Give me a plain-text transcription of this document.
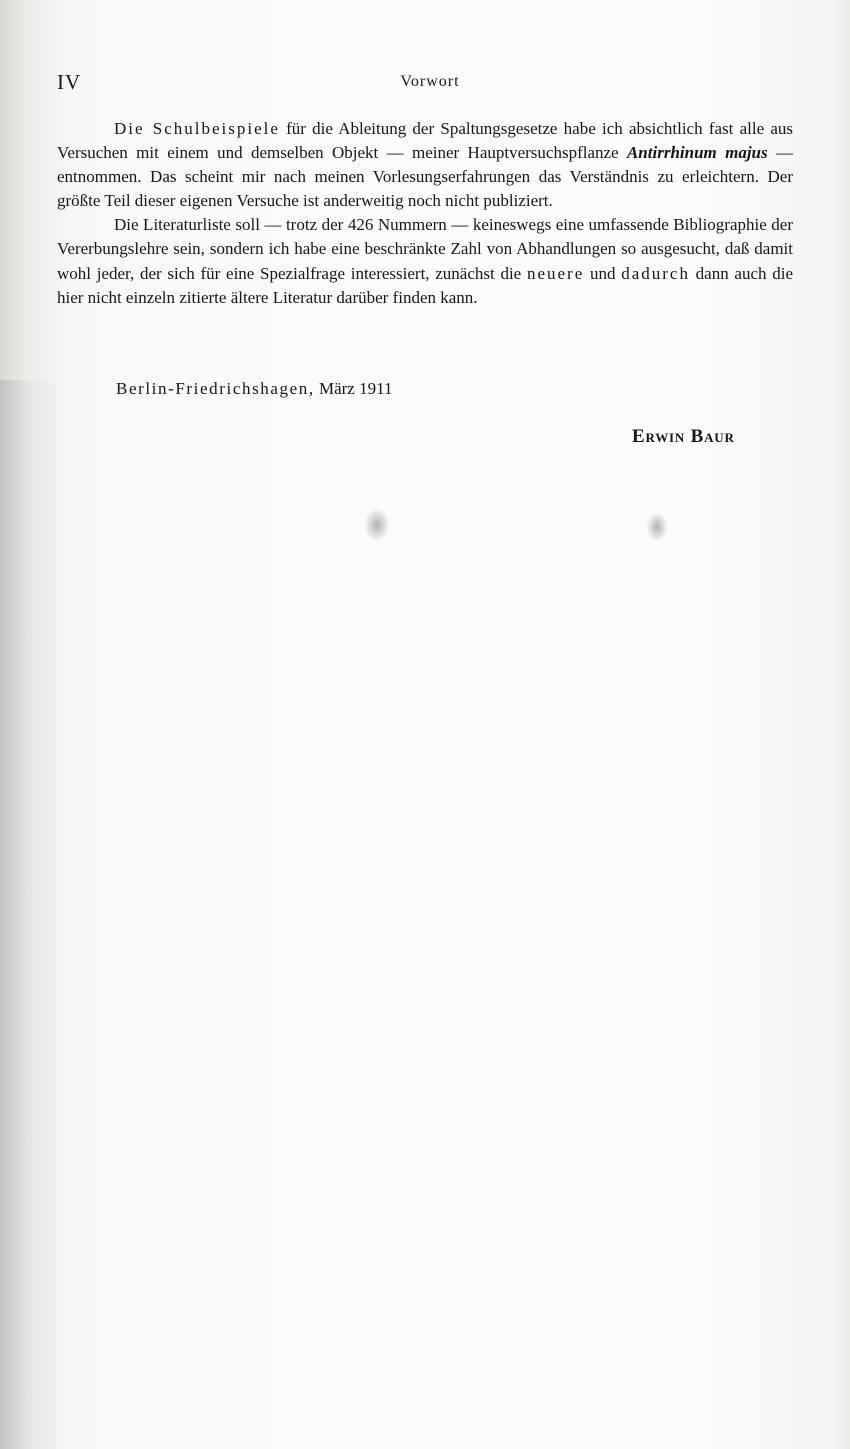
IV	Vorwort

Die Schulbeispiele für die Ableitung der Spaltungsgesetze habe ich absichtlich fast alle aus Versuchen mit einem und demselben Objekt — meiner Hauptversuchspflanze Antirrhinum majus — entnommen. Das scheint mir nach meinen Vorlesungserfahrungen das Verständnis zu erleichtern. Der größte Teil dieser eigenen Versuche ist anderweitig noch nicht publiziert.

Die Literaturliste soll — trotz der 426 Nummern — keineswegs eine umfassende Bibliographie der Vererbungslehre sein, sondern ich habe eine beschränkte Zahl von Abhandlungen so ausgesucht, daß damit wohl jeder, der sich für eine Spezialfrage interessiert, zunächst die neuere und dadurch dann auch die hier nicht einzeln zitierte ältere Literatur darüber finden kann.

Berlin-Friedrichshagen, März 1911
Erwin Baur
